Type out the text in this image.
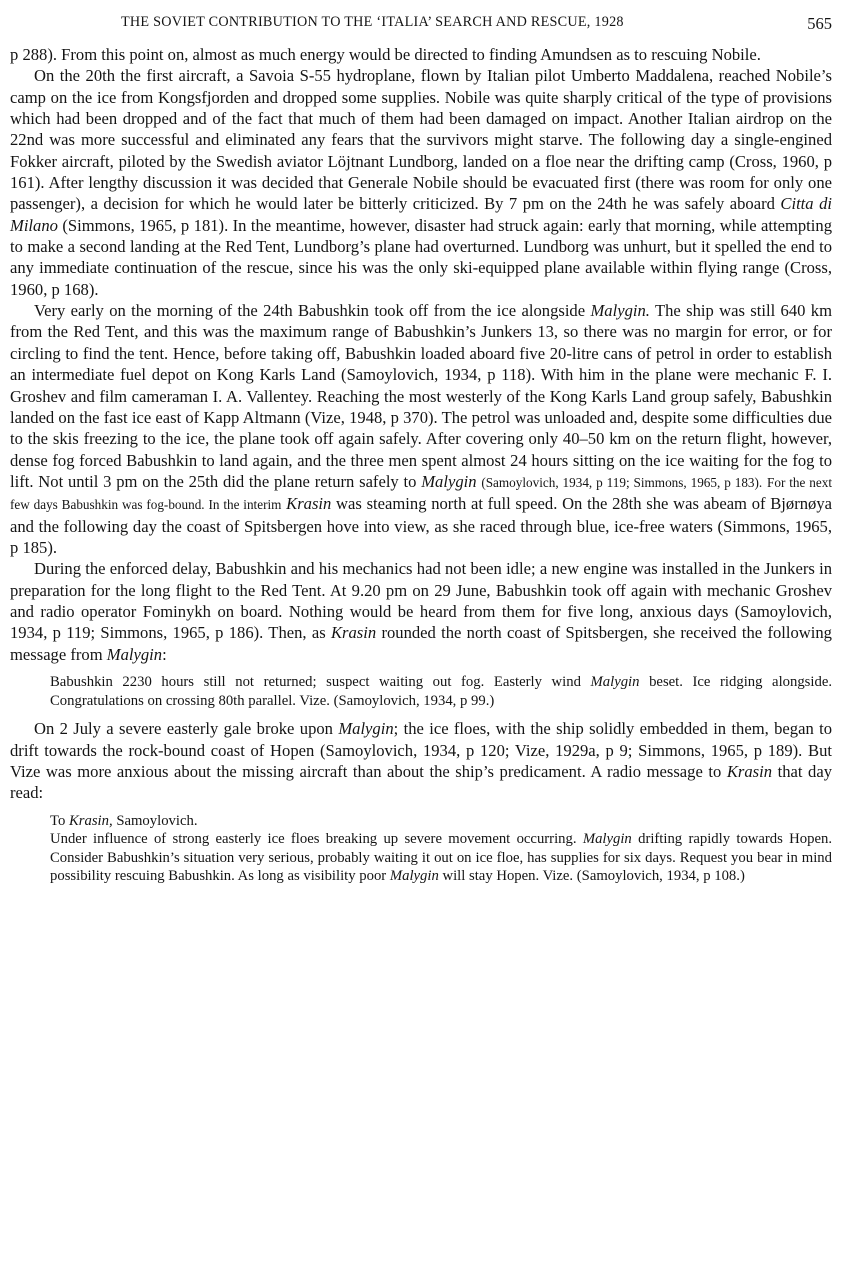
THE SOVIET CONTRIBUTION TO THE ‘ITALIA’ SEARCH AND RESCUE, 1928	565

p 288). From this point on, almost as much energy would be directed to finding Amundsen as to rescuing Nobile.

On the 20th the first aircraft, a Savoia S-55 hydroplane, flown by Italian pilot Umberto Maddalena, reached Nobile’s camp on the ice from Kongsfjorden and dropped some supplies. Nobile was quite sharply critical of the type of provisions which had been dropped and of the fact that much of them had been damaged on impact. Another Italian airdrop on the 22nd was more successful and eliminated any fears that the survivors might starve. The following day a single-engined Fokker aircraft, piloted by the Swedish aviator Löjtnant Lundborg, landed on a floe near the drifting camp (Cross, 1960, p 161). After lengthy discussion it was decided that Generale Nobile should be evacuated first (there was room for only one passenger), a decision for which he would later be bitterly criticized. By 7 pm on the 24th he was safely aboard Citta di Milano (Simmons, 1965, p 181). In the meantime, however, disaster had struck again: early that morning, while attempting to make a second landing at the Red Tent, Lundborg’s plane had overturned. Lundborg was unhurt, but it spelled the end to any immediate continuation of the rescue, since his was the only ski-equipped plane available within flying range (Cross, 1960, p 168).

Very early on the morning of the 24th Babushkin took off from the ice alongside Malygin. The ship was still 640 km from the Red Tent, and this was the maximum range of Babushkin’s Junkers 13, so there was no margin for error, or for circling to find the tent. Hence, before taking off, Babushkin loaded aboard five 20-litre cans of petrol in order to establish an intermediate fuel depot on Kong Karls Land (Samoylovich, 1934, p 118). With him in the plane were mechanic F. I. Groshev and film cameraman I. A. Vallentey. Reaching the most westerly of the Kong Karls Land group safely, Babushkin landed on the fast ice east of Kapp Altmann (Vize, 1948, p 370). The petrol was unloaded and, despite some difficulties due to the skis freezing to the ice, the plane took off again safely. After covering only 40–50 km on the return flight, however, dense fog forced Babushkin to land again, and the three men spent almost 24 hours sitting on the ice waiting for the fog to lift. Not until 3 pm on the 25th did the plane return safely to Malygin (Samoylovich, 1934, p 119; Simmons, 1965, p 183). For the next few days Babushkin was fog-bound. In the interim Krasin was steaming north at full speed. On the 28th she was abeam of Bjørnøya and the following day the coast of Spitsbergen hove into view, as she raced through blue, ice-free waters (Simmons, 1965, p 185).

During the enforced delay, Babushkin and his mechanics had not been idle; a new engine was installed in the Junkers in preparation for the long flight to the Red Tent. At 9.20 pm on 29 June, Babushkin took off again with mechanic Groshev and radio operator Fominykh on board. Nothing would be heard from them for five long, anxious days (Samoylovich, 1934, p 119; Simmons, 1965, p 186). Then, as Krasin rounded the north coast of Spitsbergen, she received the following message from Malygin:

Babushkin 2230 hours still not returned; suspect waiting out fog. Easterly wind Malygin beset. Ice ridging alongside. Congratulations on crossing 80th parallel. Vize. (Samoylovich, 1934, p 99.)

On 2 July a severe easterly gale broke upon Malygin; the ice floes, with the ship solidly embedded in them, began to drift towards the rock-bound coast of Hopen (Samoylovich, 1934, p 120; Vize, 1929a, p 9; Simmons, 1965, p 189). But Vize was more anxious about the missing aircraft than about the ship’s predicament. A radio message to Krasin that day read:

To Krasin, Samoylovich.
Under influence of strong easterly ice floes breaking up severe movement occurring. Malygin drifting rapidly towards Hopen. Consider Babushkin’s situation very serious, probably waiting it out on ice floe, has supplies for six days. Request you bear in mind possibility rescuing Babushkin. As long as visibility poor Malygin will stay Hopen. Vize. (Samoylovich, 1934, p 108.)
